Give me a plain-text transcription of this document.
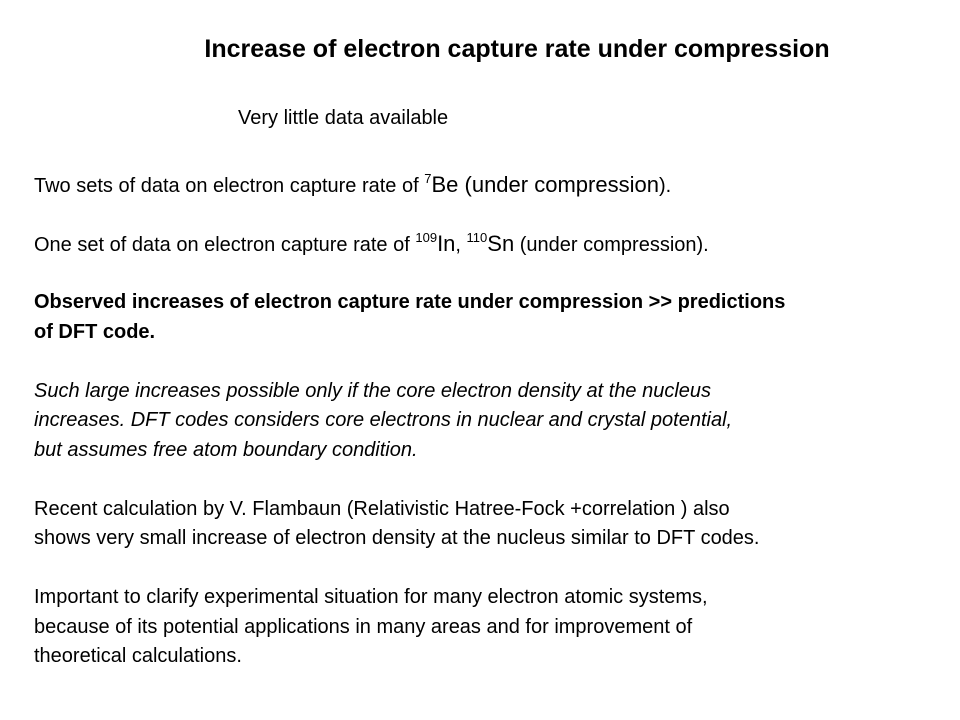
Increase of electron capture rate under compression
Very little data available
Two sets of data on electron capture rate of $^7$Be (under compression).
One set of data on electron capture rate of $^{109}$In, $^{110}$Sn (under compression).
Observed increases of electron capture rate under compression >> predictions
of DFT code.
Such large increases possible only if the core electron density at the nucleus
increases. DFT codes considers core electrons in nuclear and crystal potential,
but assumes free atom boundary condition.
Recent calculation by V. Flambaun (Relativistic Hatree-Fock +correlation ) also
shows very small increase of electron density at the nucleus similar to DFT codes.
Important to clarify experimental situation for many electron atomic systems,
because of its potential applications in many areas and for improvement of
theoretical calculations.
